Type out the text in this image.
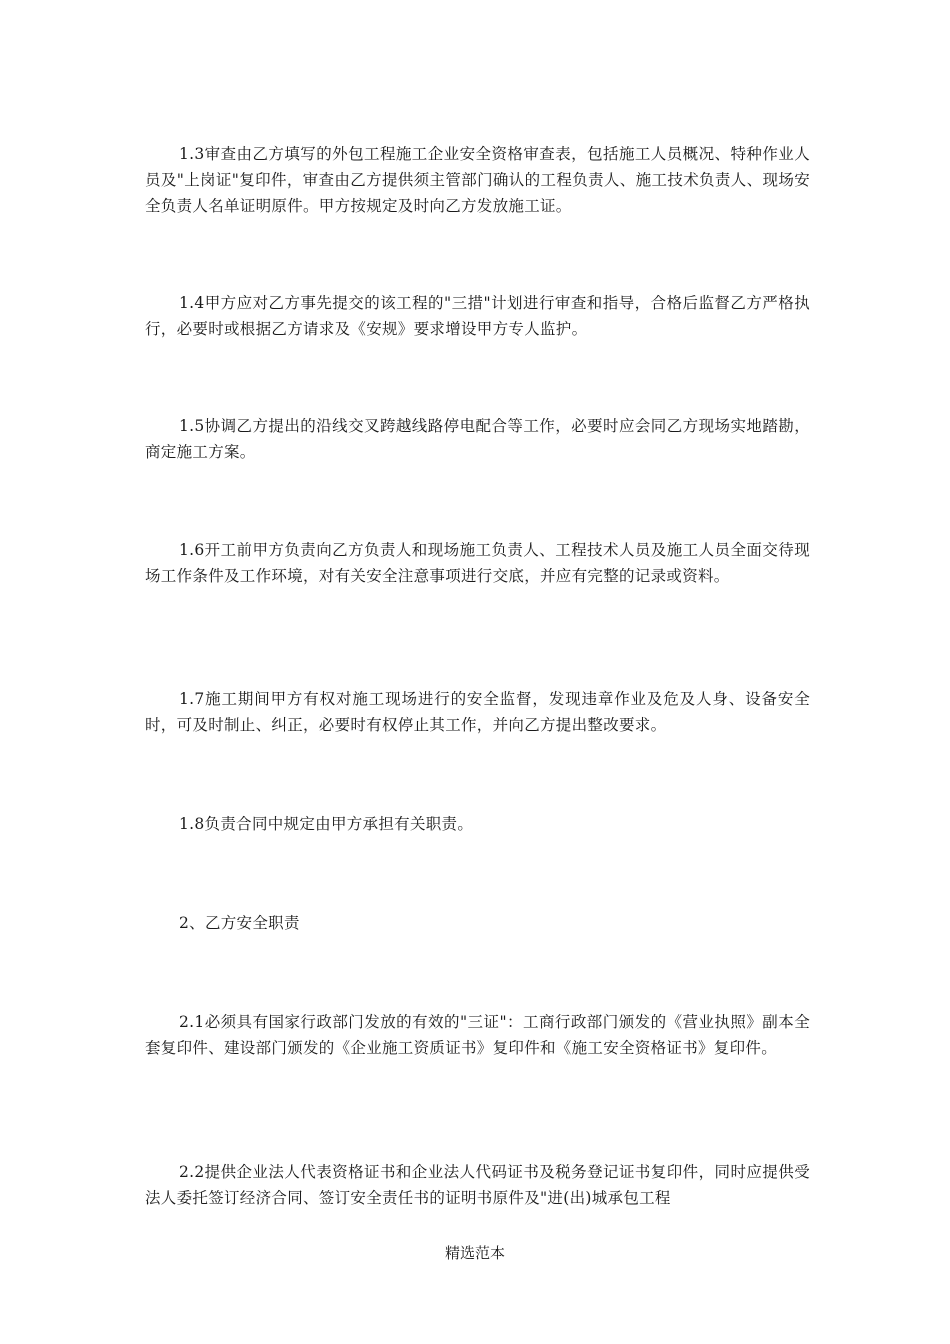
1.3审查由乙方填写的外包工程施工企业安全资格审查表，包括施工人员概况、特种作业人员及"上岗证"复印件，审查由乙方提供须主管部门确认的工程负责人、施工技术负责人、现场安全负责人名单证明原件。甲方按规定及时向乙方发放施工证。

1.4甲方应对乙方事先提交的该工程的"三措"计划进行审查和指导，合格后监督乙方严格执行，必要时或根据乙方请求及《安规》要求增设甲方专人监护。

1.5协调乙方提出的沿线交叉跨越线路停电配合等工作，必要时应会同乙方现场实地踏勘，商定施工方案。

1.6开工前甲方负责向乙方负责人和现场施工负责人、工程技术人员及施工人员全面交待现场工作条件及工作环境，对有关安全注意事项进行交底，并应有完整的记录或资料。

1.7施工期间甲方有权对施工现场进行的安全监督，发现违章作业及危及人身、设备安全时，可及时制止、纠正，必要时有权停止其工作，并向乙方提出整改要求。

1.8负责合同中规定由甲方承担有关职责。

2、乙方安全职责

2.1必须具有国家行政部门发放的有效的"三证"：工商行政部门颁发的《营业执照》副本全套复印件、建设部门颁发的《企业施工资质证书》复印件和《施工安全资格证书》复印件。

2.2提供企业法人代表资格证书和企业法人代码证书及税务登记证书复印件，同时应提供受法人委托签订经济合同、签订安全责任书的证明书原件及"进(出)城承包工程

精选范本
